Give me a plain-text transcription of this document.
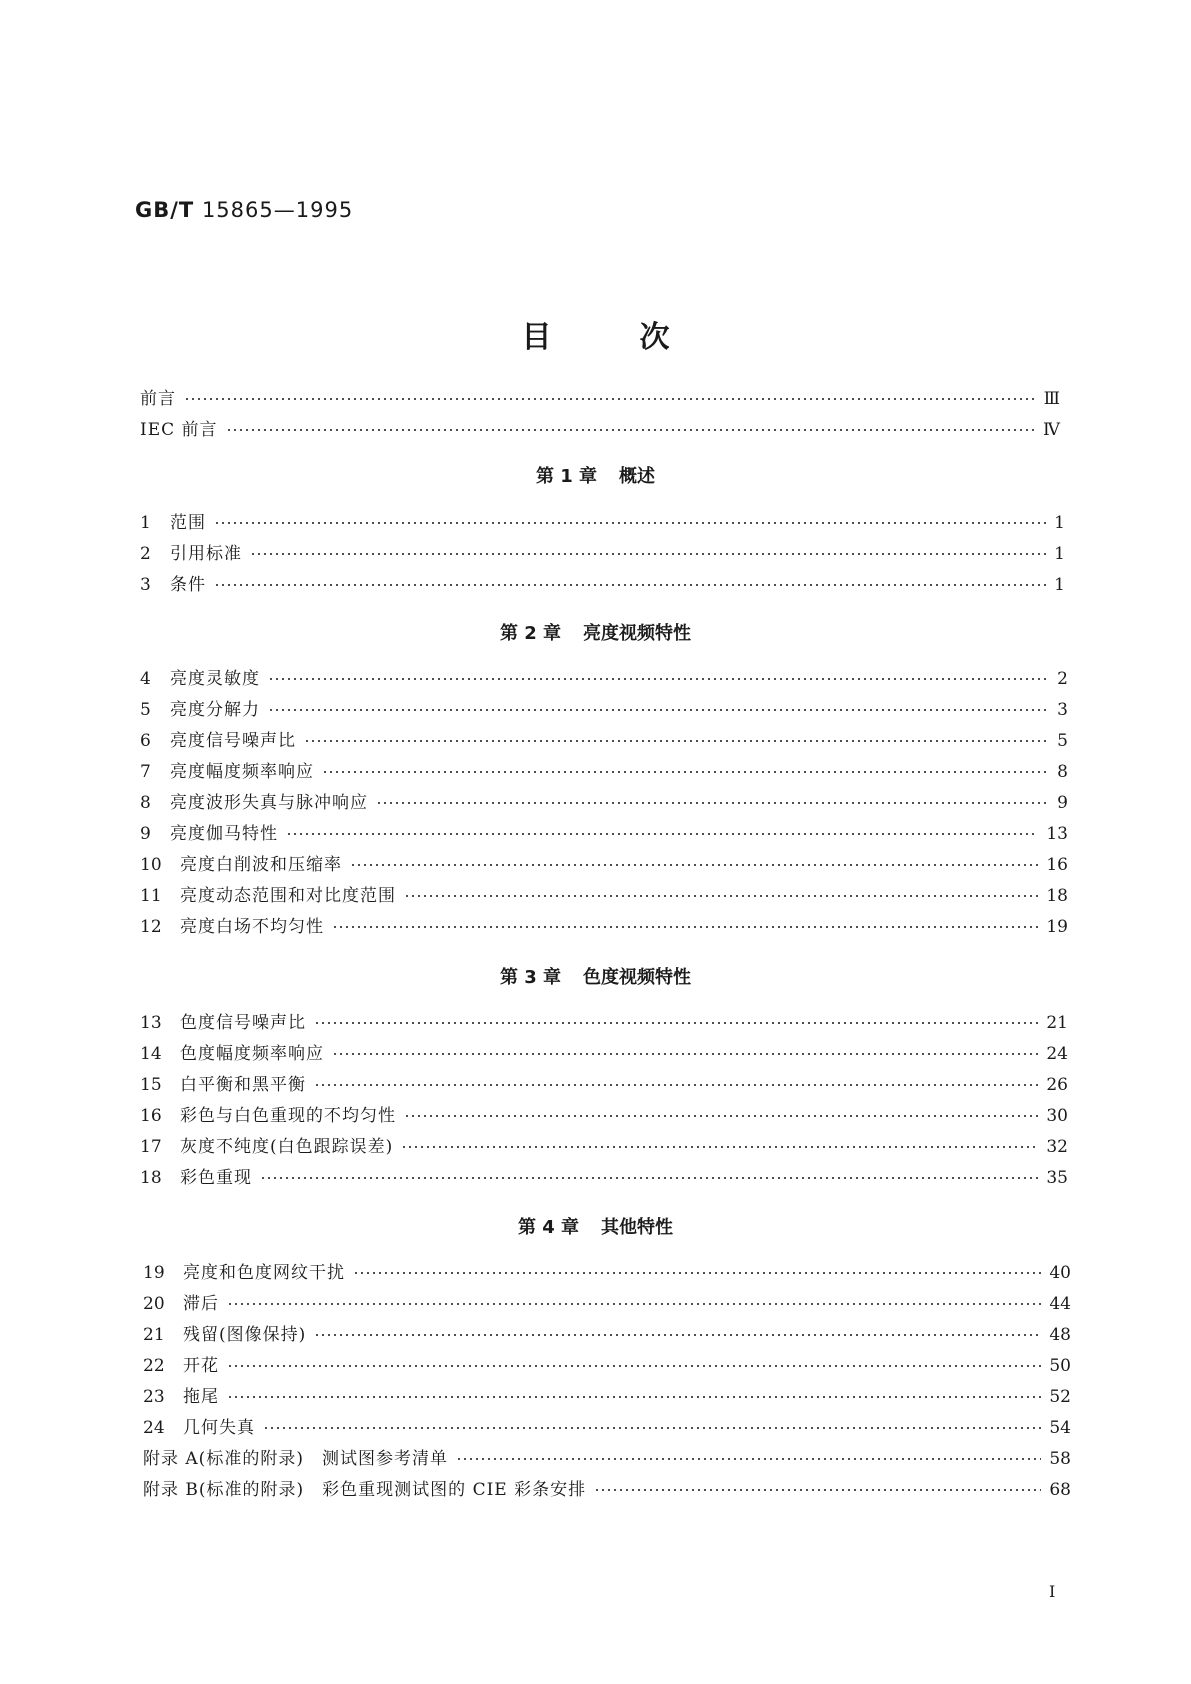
GB/T 15865—1995
目	次
前言	Ⅲ
IEC 前言	Ⅳ
第 1 章 概述
1	范围	1
2	引用标准	1
3	条件	1
第 2 章 亮度视频特性
4	亮度灵敏度	2
5	亮度分解力	3
6	亮度信号噪声比	5
7	亮度幅度频率响应	8
8	亮度波形失真与脉冲响应	9
9	亮度伽马特性	13
10	亮度白削波和压缩率	16
11	亮度动态范围和对比度范围	18
12	亮度白场不均匀性	19
第 3 章 色度视频特性
13	色度信号噪声比	21
14	色度幅度频率响应	24
15	白平衡和黑平衡	26
16	彩色与白色重现的不均匀性	30
17	灰度不纯度(白色跟踪误差)	32
18	彩色重现	35
第 4 章 其他特性
19	亮度和色度网纹干扰	40
20	滞后	44
21	残留(图像保持)	48
22	开花	50
23	拖尾	52
24	几何失真	54
附录 A(标准的附录)　测试图参考清单	58
附录 B(标准的附录)　彩色重现测试图的 CIE 彩条安排	68
I
